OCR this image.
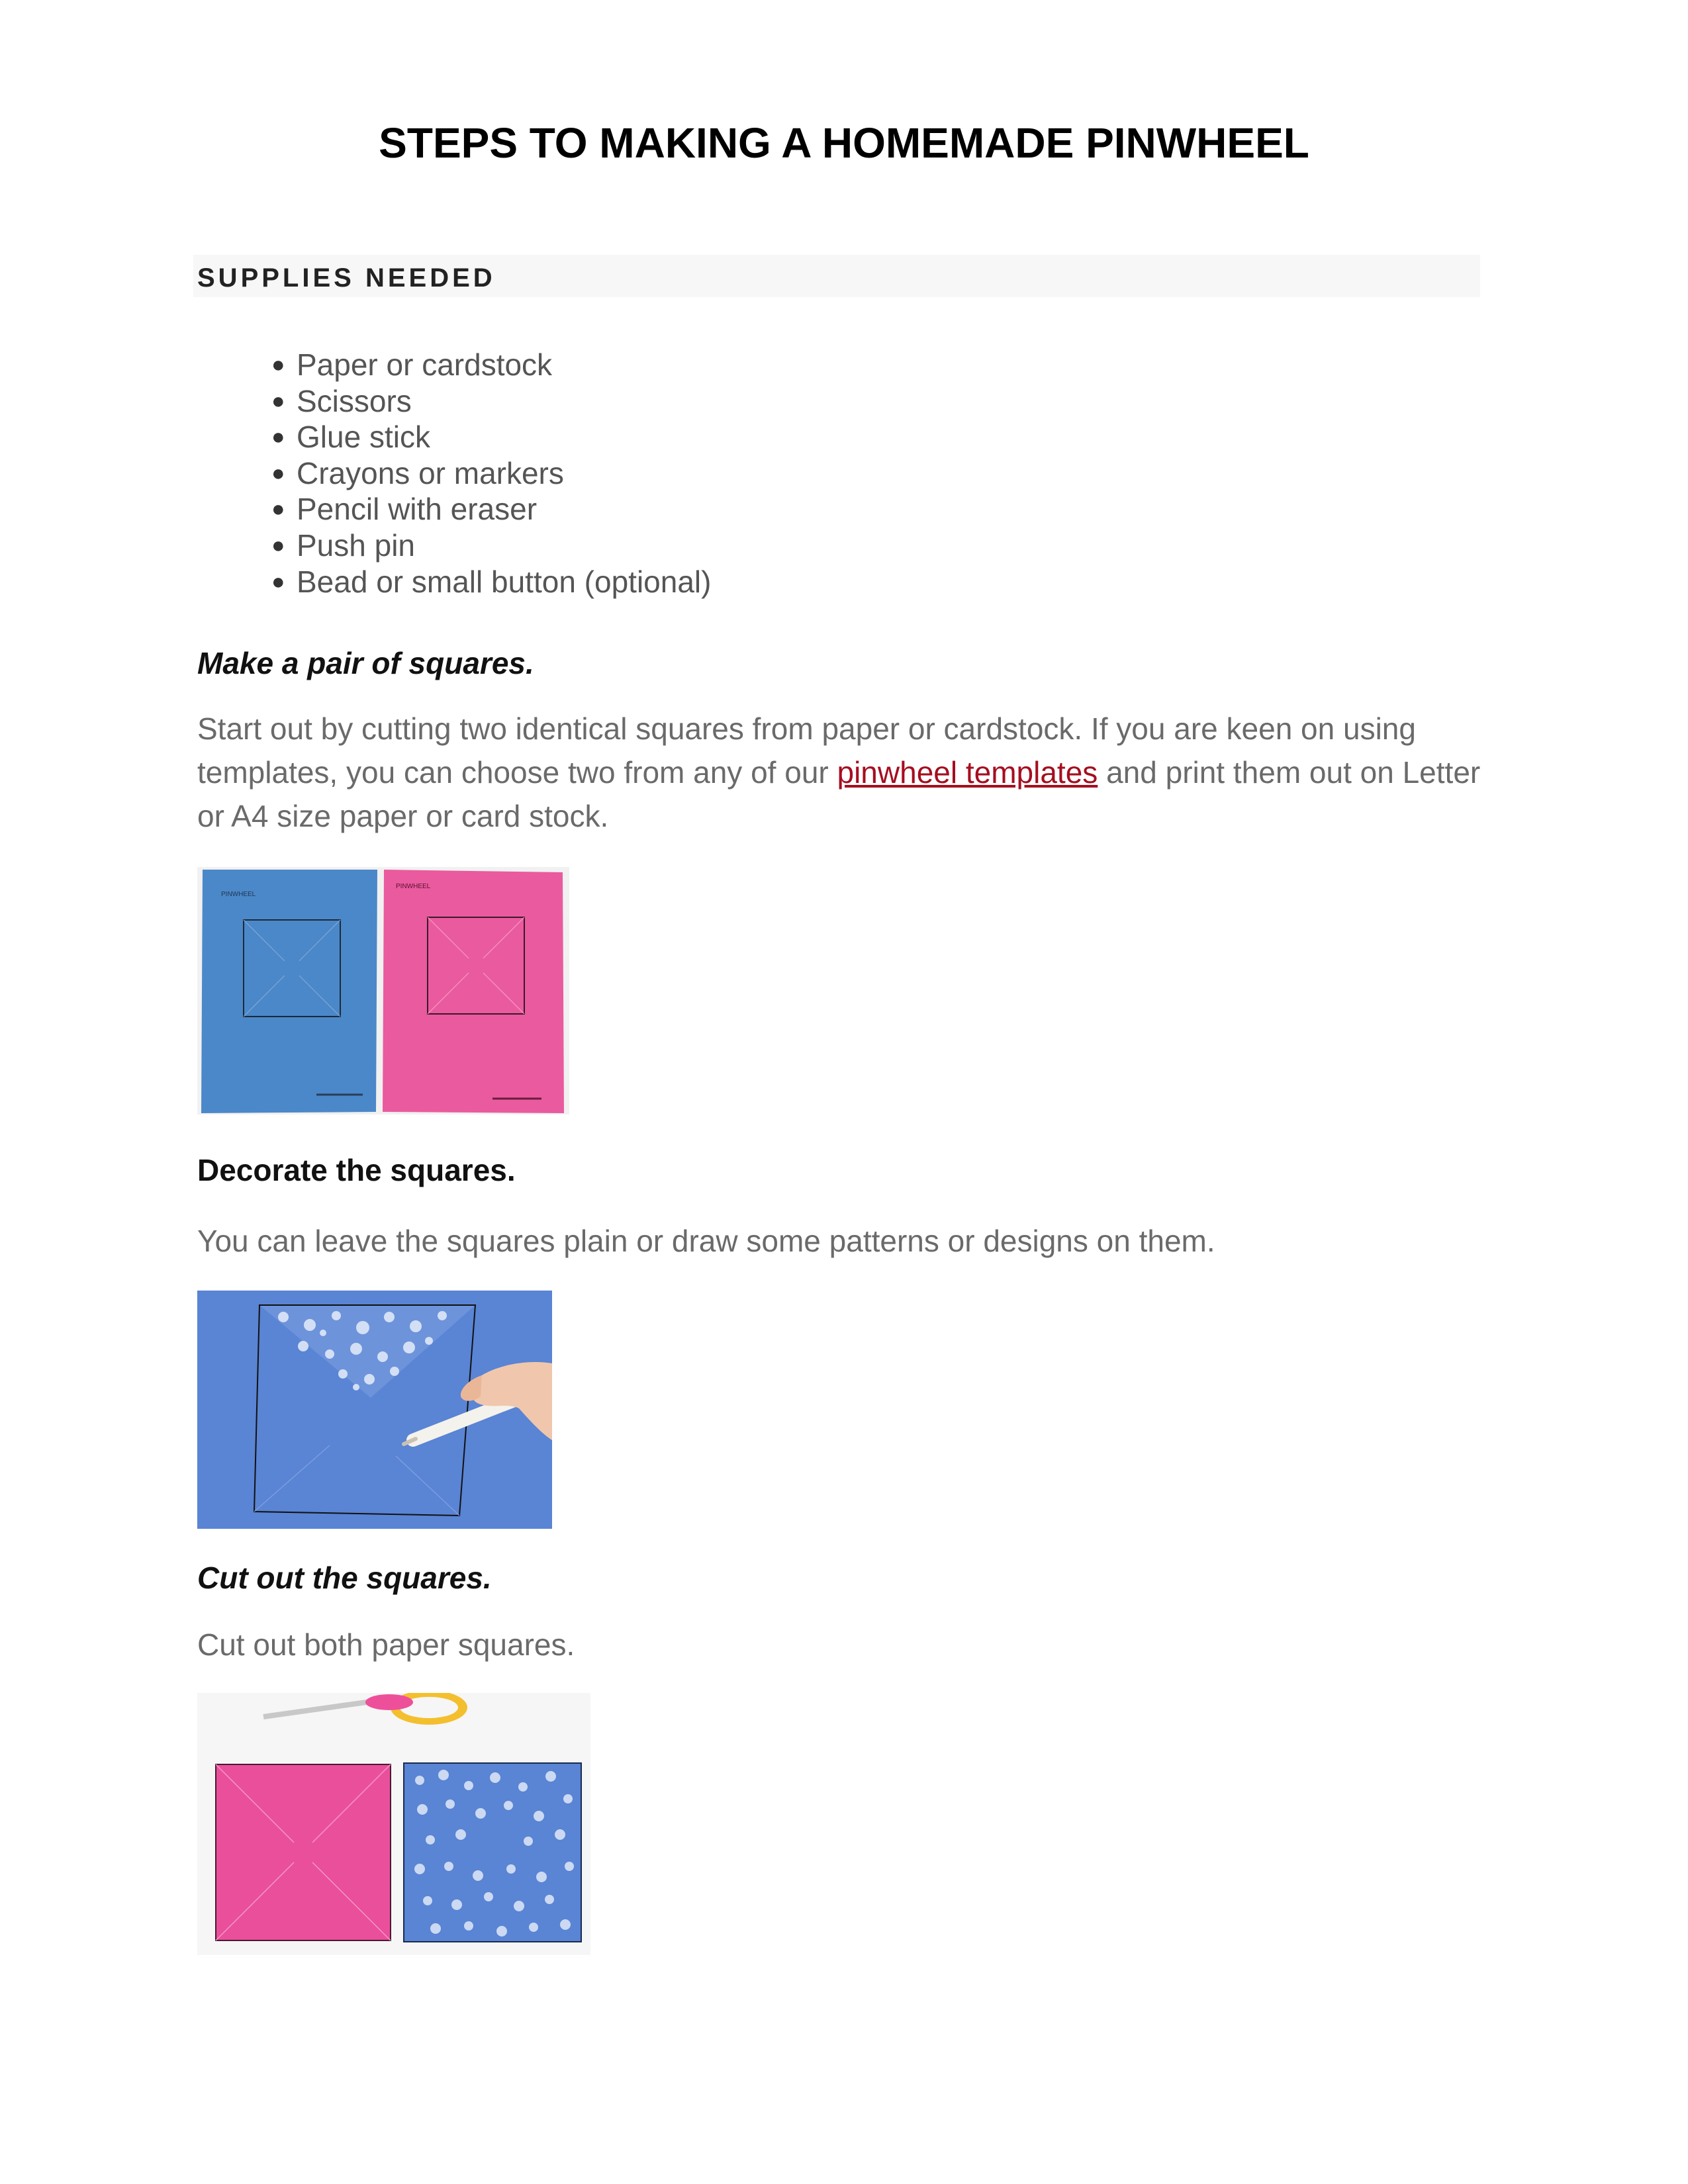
STEPS TO MAKING A HOMEMADE PINWHEEL
SUPPLIES NEEDED
● Paper or cardstock
● Scissors
● Glue stick
● Crayons or markers
● Pencil with eraser
● Push pin
● Bead or small button (optional)
Make a pair of squares.

Start out by cutting two identical squares from paper or cardstock. If you are keen on using templates, you can choose two from any of our pinwheel templates and print them out on Letter or A4 size paper or card stock.

PINWHEEL
PINWHEEL
Decorate the squares.

You can leave the squares plain or draw some patterns or designs on them.

Cut out the squares.

Cut out both paper squares.
